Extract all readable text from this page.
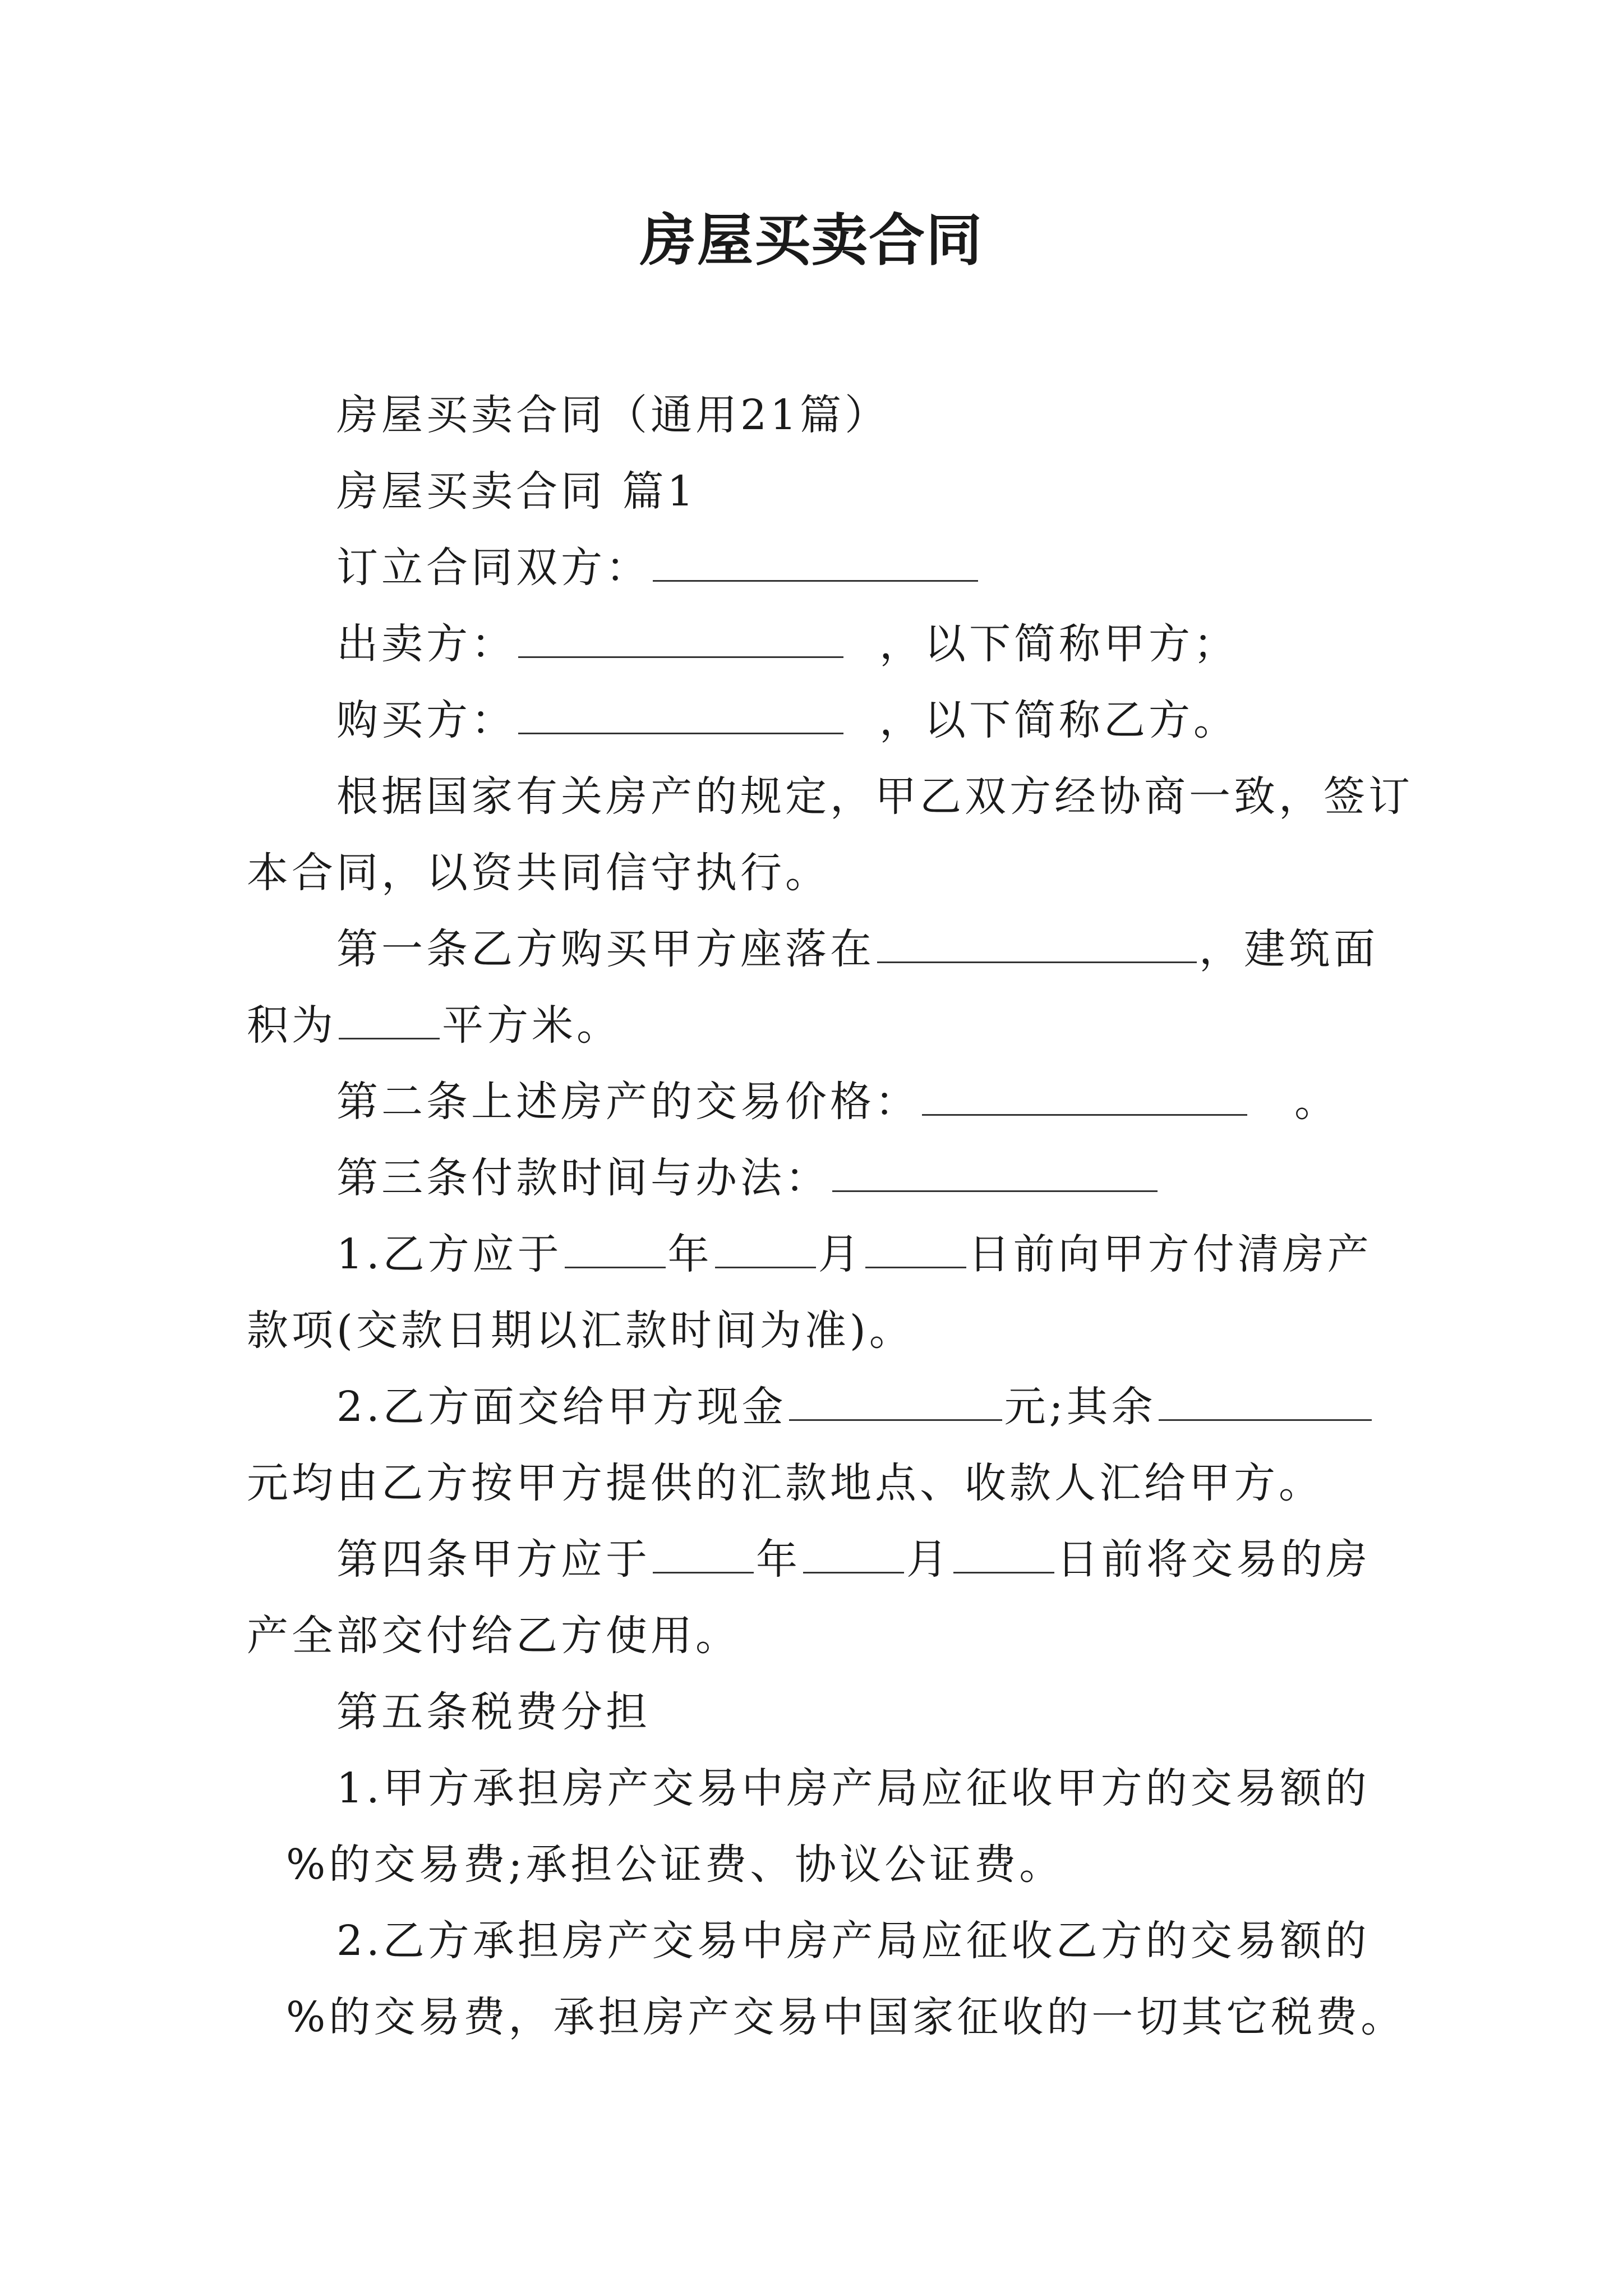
房屋买卖合同
房屋买卖合同（通用21篇）
房屋买卖合同 篇1
订立合同双方：
出卖方：	，以下简称甲方；
购买方：	，以下简称乙方。
根据国家有关房产的规定，甲乙双方经协商一致，签订
本合同，以资共同信守执行。
第一条乙方购买甲方座落在	，建筑面
积为	平方米。
第二条上述房产的交易价格：	。
第三条付款时间与办法：
1.乙方应于	年	月	日前向甲方付清房产
款项(交款日期以汇款时间为准)。
2.乙方面交给甲方现金	元;其余
元均由乙方按甲方提供的汇款地点、收款人汇给甲方。
第四条甲方应于	年	月	日前将交易的房
产全部交付给乙方使用。
第五条税费分担
1.甲方承担房产交易中房产局应征收甲方的交易额的
%的交易费;承担公证费、协议公证费。
2.乙方承担房产交易中房产局应征收乙方的交易额的
%的交易费，承担房产交易中国家征收的一切其它税费。
